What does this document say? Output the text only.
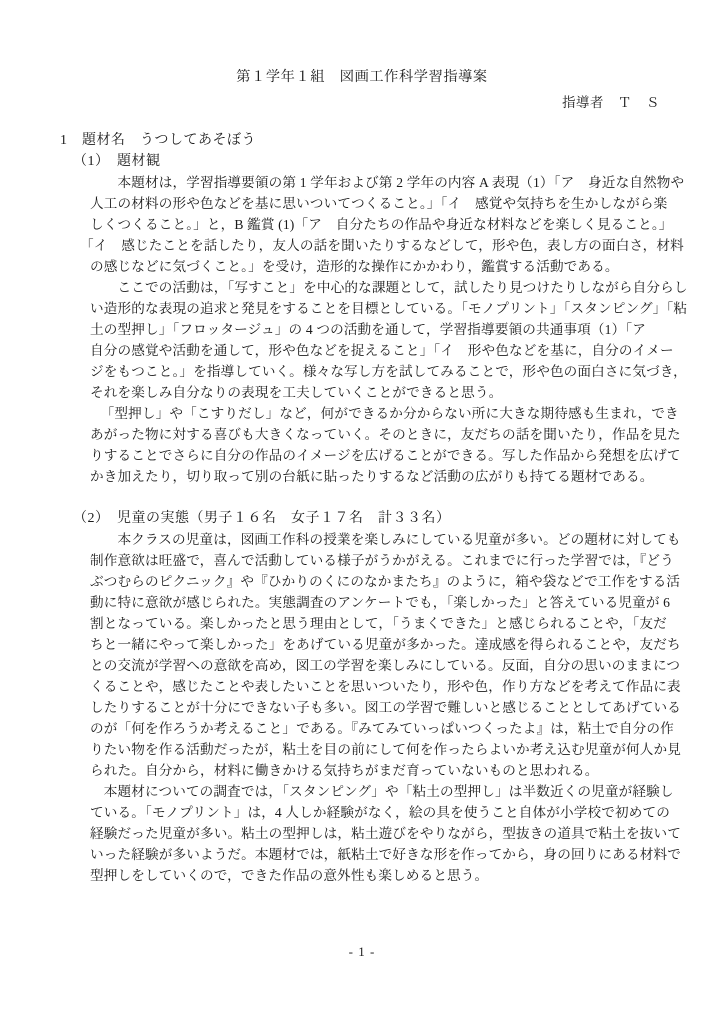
第１学年１組　図画工作科学習指導案
指導者　Ｔ　Ｓ
1　題材名　うつしてあそぼう
（1）　題材観
　　本題材は，学習指導要領の第 1 学年および第 2 学年の内容 A 表現（1）「ア　身近な自然物や
人工の材料の形や色などを基に思いついてつくること。」「イ　感覚や気持ちを生かしながら楽
しくつくること。」と，B 鑑賞 (1)「ア　自分たちの作品や身近な材料などを楽しく見ること。」
「イ　感じたことを話したり，友人の話を聞いたりするなどして，形や色，表し方の面白さ，材料
の感じなどに気づくこと。」を受け，造形的な操作にかかわり，鑑賞する活動である。
　　ここでの活動は，「写すこと」を中心的な課題として，試したり見つけたりしながら自分らし
い造形的な表現の追求と発見をすることを目標としている。「モノプリント」「スタンピング」「粘
土の型押し」「フロッタージュ」の 4 つの活動を通して，学習指導要領の共通事項（1）「ア
自分の感覚や活動を通して，形や色などを捉えること」「イ　形や色などを基に，自分のイメー
ジをもつこと。」を指導していく。様々な写し方を試してみることで，形や色の面白さに気づき，
それを楽しみ自分なりの表現を工夫していくことができると思う。
　　「型押し」や「こすりだし」など，何ができるか分からない所に大きな期待感も生まれ，でき
あがった物に対する喜びも大きくなっていく。そのときに，友だちの話を聞いたり，作品を見た
りすることでさらに自分の作品のイメージを広げることができる。写した作品から発想を広げて
かき加えたり，切り取って別の台紙に貼ったりするなど活動の広がりも持てる題材である。
（2）　児童の実態（男子１６名　女子１７名　計３３名）
　　本クラスの児童は，図画工作科の授業を楽しみにしている児童が多い。どの題材に対しても
制作意欲は旺盛で，喜んで活動している様子がうかがえる。これまでに行った学習では，『どう
ぶつむらのピクニック』や『ひかりのくにのなかまたち』のように，箱や袋などで工作をする活
動に特に意欲が感じられた。実態調査のアンケートでも，「楽しかった」と答えている児童が 6
割となっている。楽しかったと思う理由として，「うまくできた」と感じられることや，「友だ
ちと一緒にやって楽しかった」をあげている児童が多かった。達成感を得られることや，友だち
との交流が学習への意欲を高め，図工の学習を楽しみにしている。反面，自分の思いのままにつ
くることや，感じたことや表したいことを思いついたり，形や色，作り方などを考えて作品に表
したりすることが十分にできない子も多い。図工の学習で難しいと感じることとしてあげている
のが「何を作ろうか考えること」である。『みてみていっぱいつくったよ』は，粘土で自分の作
りたい物を作る活動だったが，粘土を目の前にして何を作ったらよいか考え込む児童が何人か見
られた。自分から，材料に働きかける気持ちがまだ育っていないものと思われる。
　本題材についての調査では，「スタンピング」や「粘土の型押し」は半数近くの児童が経験し
ている。「モノプリント」は，4 人しか経験がなく，絵の具を使うこと自体が小学校で初めての
経験だった児童が多い。粘土の型押しは，粘土遊びをやりながら，型抜きの道具で粘土を抜いて
いった経験が多いようだ。本題材では，紙粘土で好きな形を作ってから，身の回りにある材料で
型押しをしていくので，できた作品の意外性も楽しめると思う。
- 1 -
